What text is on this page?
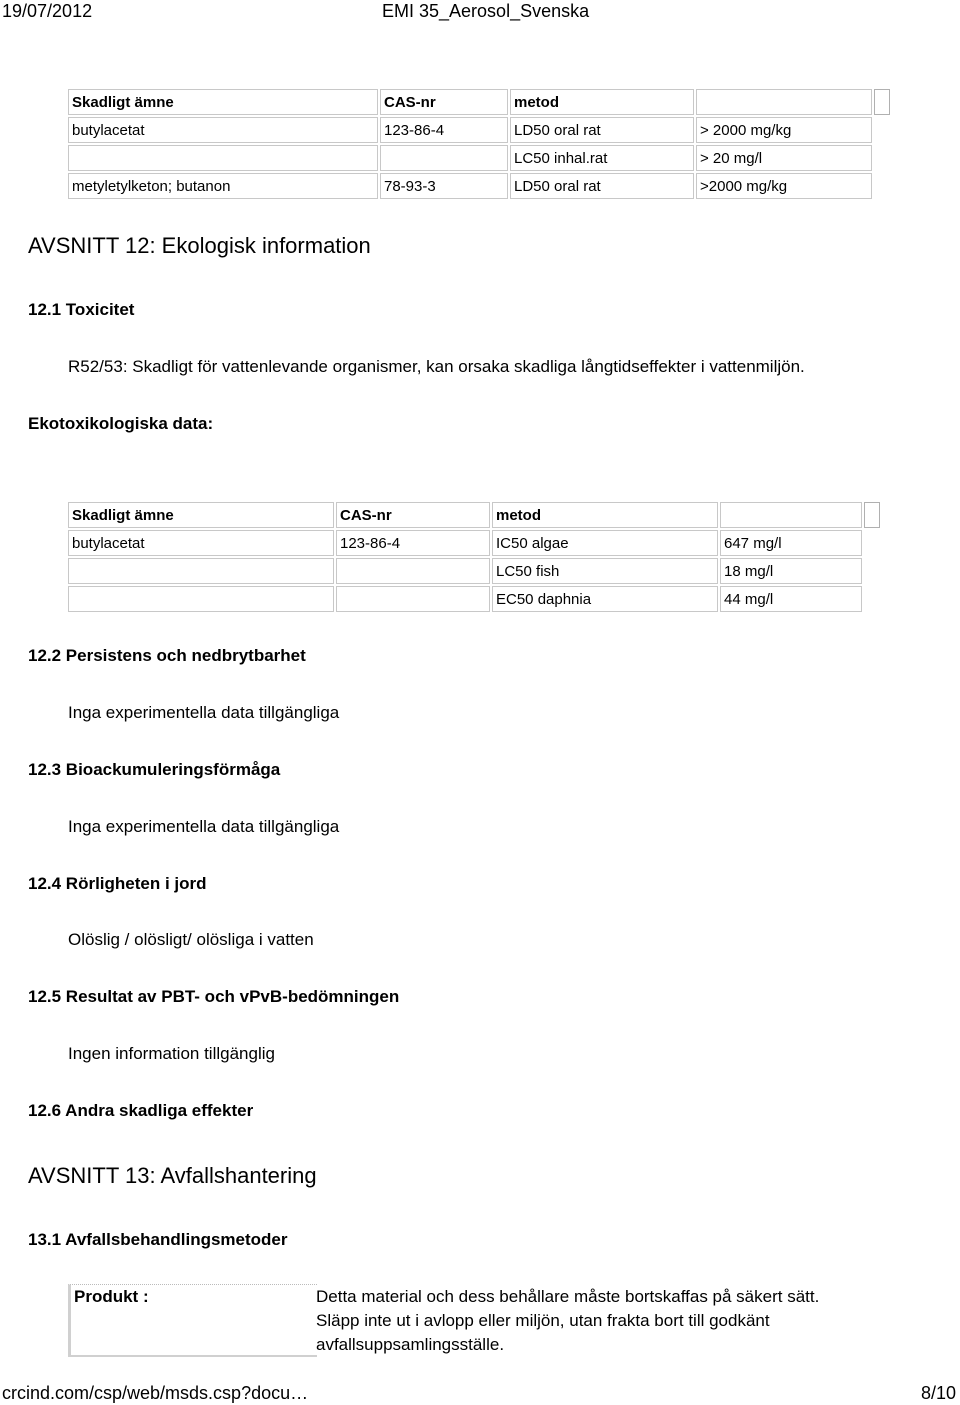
19/07/2012	EMI 35_Aerosol_Svenska
Skadligt ämne	CAS-nr	metod		
butylacetat	123-86-4	LD50 oral rat	> 2000 mg/kg	
		LC50 inhal.rat	> 20 mg/l	
metyletylketon; butanon	78-93-3	LD50 oral rat	>2000 mg/kg	
AVSNITT 12: Ekologisk information
12.1 Toxicitet
R52/53: Skadligt för vattenlevande organismer, kan orsaka skadliga långtidseffekter i vattenmiljön.
Ekotoxikologiska data:
Skadligt ämne	CAS-nr	metod		
butylacetat	123-86-4	IC50 algae	647 mg/l	
		LC50 fish	18 mg/l	
		EC50 daphnia	44 mg/l	
12.2 Persistens och nedbrytbarhet
Inga experimentella data tillgängliga
12.3 Bioackumuleringsförmåga
Inga experimentella data tillgängliga
12.4 Rörligheten i jord
Olöslig / olösligt/ olösliga i vatten
12.5 Resultat av PBT- och vPvB-bedömningen
Ingen information tillgänglig
12.6 Andra skadliga effekter
AVSNITT 13: Avfallshantering
13.1 Avfallsbehandlingsmetoder
Produkt :	Detta material och dess behållare måste bortskaffas på säkert sätt.
Släpp inte ut i avlopp eller miljön, utan frakta bort till godkänt
avfallsuppsamlingsställe.
crcind.com/csp/web/msds.csp?docu…	8/10
